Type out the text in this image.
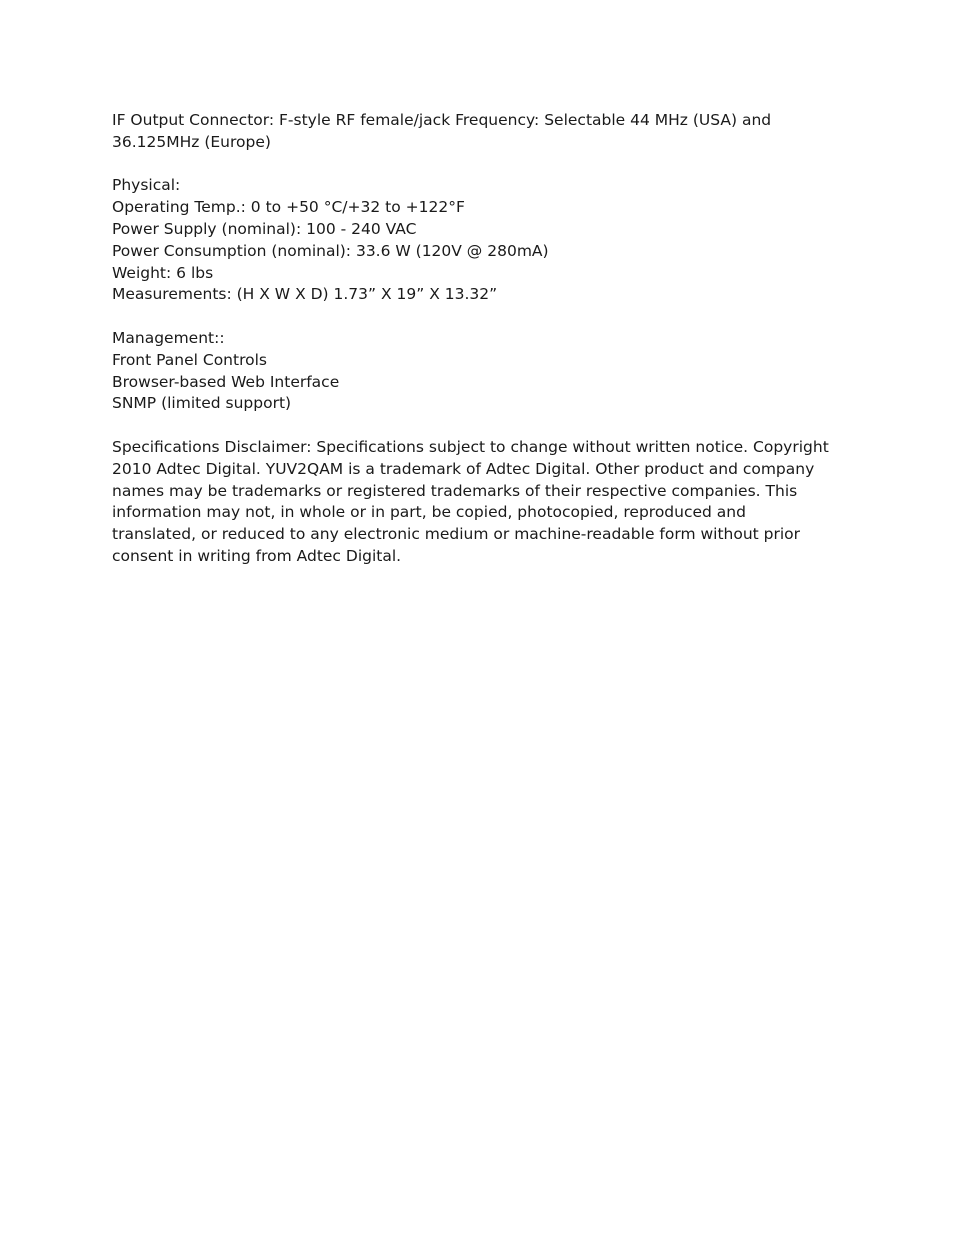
IF Output Connector: F-style RF female/jack Frequency: Selectable 44 MHz (USA) and
36.125MHz (Europe)
Physical:
Operating Temp.: 0 to +50 °C/+32 to +122°F
Power Supply (nominal): 100 - 240 VAC
Power Consumption (nominal): 33.6 W (120V @ 280mA)
Weight: 6 lbs
Measurements: (H X W X D) 1.73” X 19” X 13.32”
Management::
Front Panel Controls
Browser-based Web Interface
SNMP (limited support)
Specifications Disclaimer: Specifications subject to change without written notice. Copyright
2010 Adtec Digital. YUV2QAM is a trademark of Adtec Digital. Other product and company
names may be trademarks or registered trademarks of their respective companies. This
information may not, in whole or in part, be copied, photocopied, reproduced and
translated, or reduced to any electronic medium or machine-readable form without prior
consent in writing from Adtec Digital.
